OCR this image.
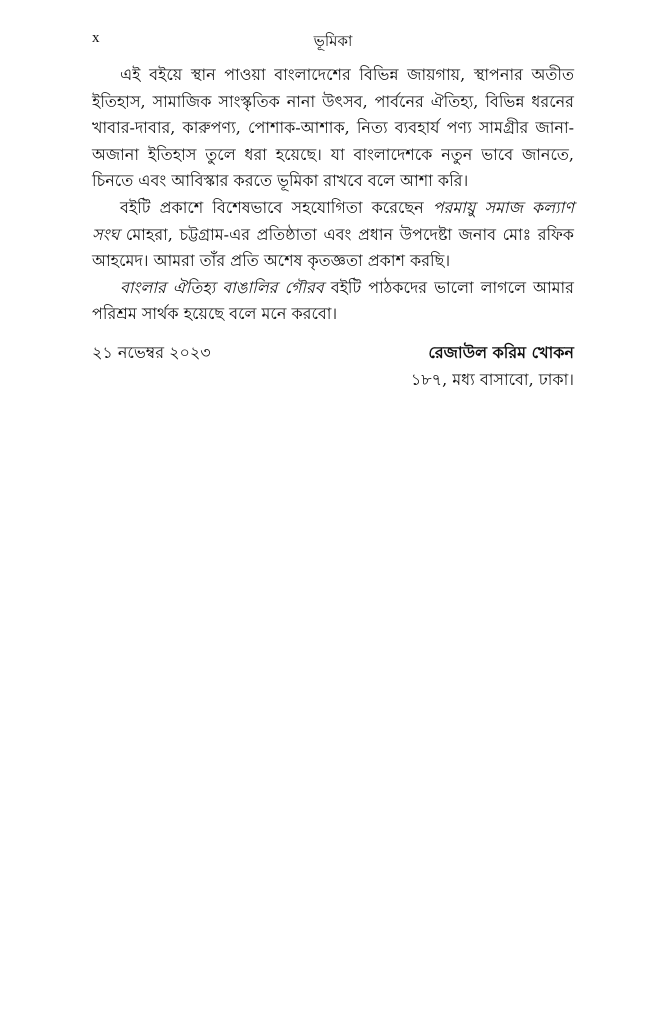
x	ভূমিকা

এই বইয়ে স্থান পাওয়া বাংলাদেশের বিভিন্ন জায়গায়, স্থাপনার অতীত ইতিহাস, সামাজিক সাংস্কৃতিক নানা উৎসব, পার্বনের ঐতিহ্য, বিভিন্ন ধরনের খাবার-দাবার, কারুপণ্য, পোশাক-আশাক, নিত্য ব্যবহার্য পণ্য সামগ্রীর জানা-অজানা ইতিহাস তুলে ধরা হয়েছে। যা বাংলাদেশকে নতুন ভাবে জানতে, চিনতে এবং আবিস্কার করতে ভূমিকা রাখবে বলে আশা করি।

বইটি প্রকাশে বিশেষভাবে সহযোগিতা করেছেন পরমায়ু সমাজ কল্যাণ সংঘ মোহরা, চট্টগ্রাম-এর প্রতিষ্ঠাতা এবং প্রধান উপদেষ্টা জনাব মোঃ রফিক আহমেদ। আমরা তাঁর প্রতি অশেষ কৃতজ্ঞতা প্রকাশ করছি।

বাংলার ঐতিহ্য বাঙালির গৌরব বইটি পাঠকদের ভালো লাগলে আমার পরিশ্রম সার্থক হয়েছে বলে মনে করবো।

২১ নভেম্বর ২০২৩	রেজাউল করিম খোকন
১৮৭, মধ্য বাসাবো, ঢাকা।
